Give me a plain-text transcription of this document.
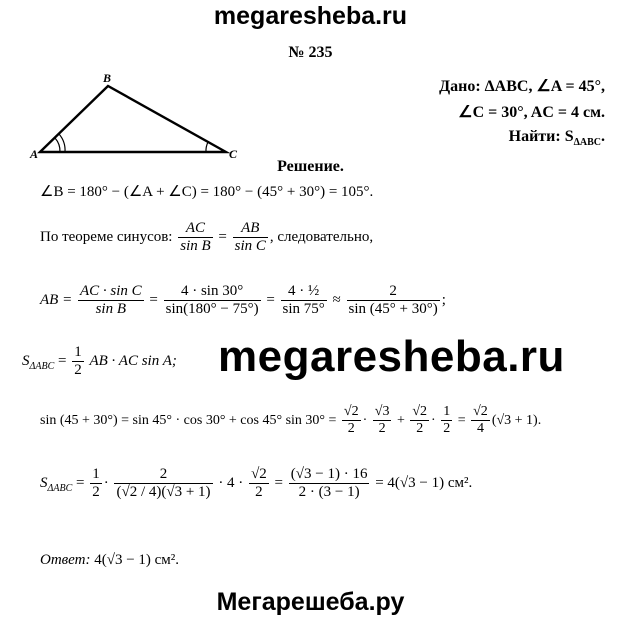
megaresheba.ru
№ 235
A
B
C
Дано: ΔABC, ∠A = 45°,
∠C = 30°, AC = 4 см.
Найти: $S_{\Delta ABC}$.
Решение.
∠B = 180° − (∠A + ∠C) = 180° − (45° + 30°) = 105°.
По теореме синусов: $\frac{AC}{\text{sin B}} = \frac{AB}{\text{sin C}}$ , следовательно,
AB = $\frac{\text{AC · sin C}}{\text{sin B}} = \frac{4 \cdot \sin 30^\circ}{\sin(180^\circ - 75^\circ)} = \frac{\text{4 · ½}}{\sin 75^\circ} \approx \frac{2}{\sin (45^\circ + 30^\circ)}$ ;
$S_{\Delta ABC} = \frac{1}{2}$ AB · AC sin A; megaresheba.ru
sin (45 + 30°) = sin 45° · cos 30° + cos 45° $\sin 30^\circ = \frac{√2}{2} \cdot \frac{√3}{2} + \frac{√2}{2} \cdot \frac{1}{2} = \frac{√2}{4} (√3 + 1)$.
$S_{\Delta ABC} = \frac{1}{2} \cdot \frac{2}{(√2 / 4)(√3 + 1)} \cdot 4 \cdot \frac{√2}{2} = \frac{(√3 - 1) \cdot 16}{2 \cdot (3 - 1)} = 4(√3 - 1)$ см².
Ответ: 4(√3 − 1) см².
Мегарешеба.ру
